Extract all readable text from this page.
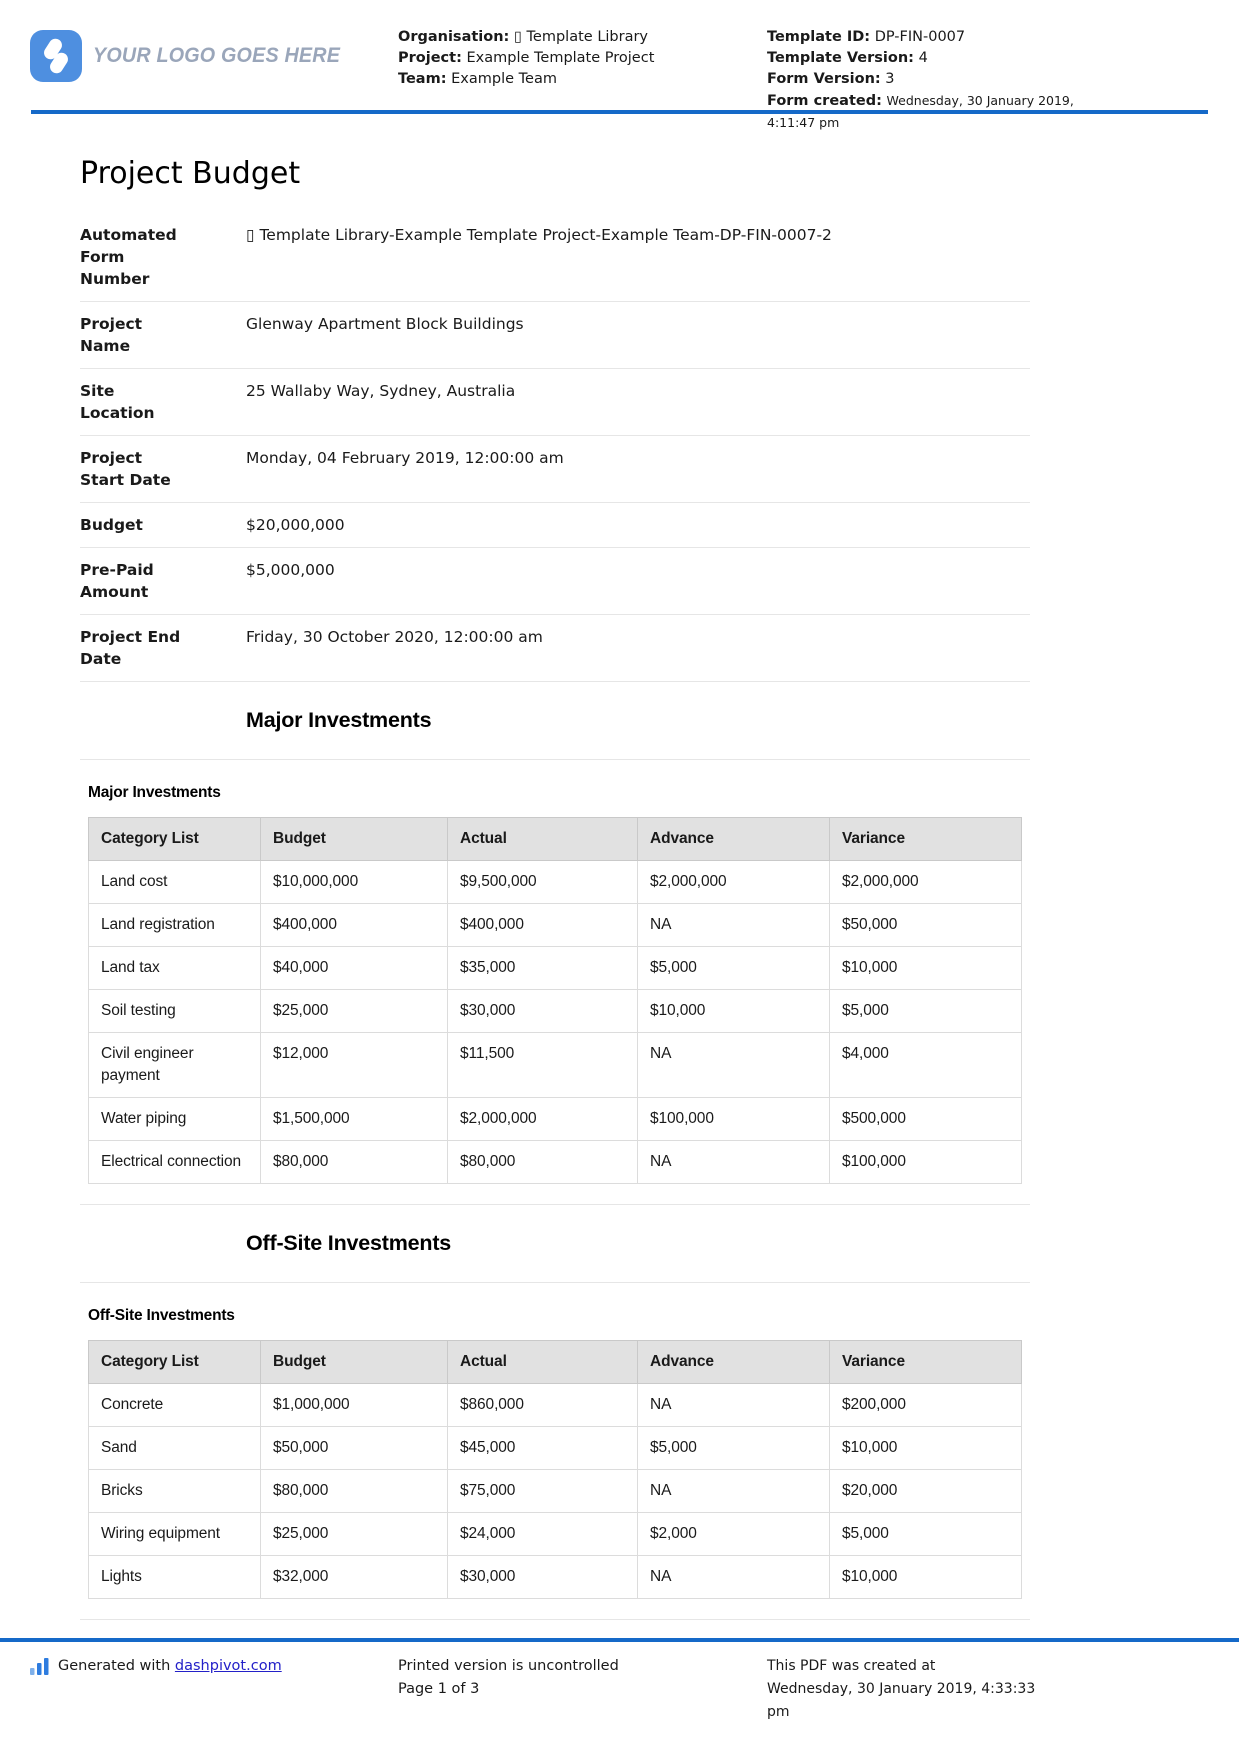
YOUR LOGO GOES HERE
Organisation: ▯ Template Library
Project: Example Template Project
Team: Example Team
Template ID: DP-FIN-0007
Template Version: 4
Form Version: 3
Form created: Wednesday, 30 January 2019, 4:11:47 pm
Project Budget
Automated Form Number
▯ Template Library-Example Template Project-Example Team-DP-FIN-0007-2
Project Name
Glenway Apartment Block Buildings
Site Location
25 Wallaby Way, Sydney, Australia
Project Start Date
Monday, 04 February 2019, 12:00:00 am
Budget	$20,000,000
Pre-Paid Amount
$5,000,000
Project End Date
Friday, 30 October 2020, 12:00:00 am
Major Investments
Major Investments
Category List	Budget	Actual	Advance	Variance
Land cost	$10,000,000	$9,500,000	$2,000,000	$2,000,000
Land registration	$400,000	$400,000	NA	$50,000
Land tax	$40,000	$35,000	$5,000	$10,000
Soil testing	$25,000	$30,000	$10,000	$5,000
Civil engineer payment	$12,000	$11,500	NA	$4,000
Water piping	$1,500,000	$2,000,000	$100,000	$500,000
Electrical connection	$80,000	$80,000	NA	$100,000
Off-Site Investments
Off-Site Investments
Category List	Budget	Actual	Advance	Variance
Concrete	$1,000,000	$860,000	NA	$200,000
Sand	$50,000	$45,000	$5,000	$10,000
Bricks	$80,000	$75,000	NA	$20,000
Wiring equipment	$25,000	$24,000	$2,000	$5,000
Lights	$32,000	$30,000	NA	$10,000
Generated with dashpivot.com	Printed version is uncontrolled
Page 1 of 3
This PDF was created at
Wednesday, 30 January 2019, 4:33:33 pm
